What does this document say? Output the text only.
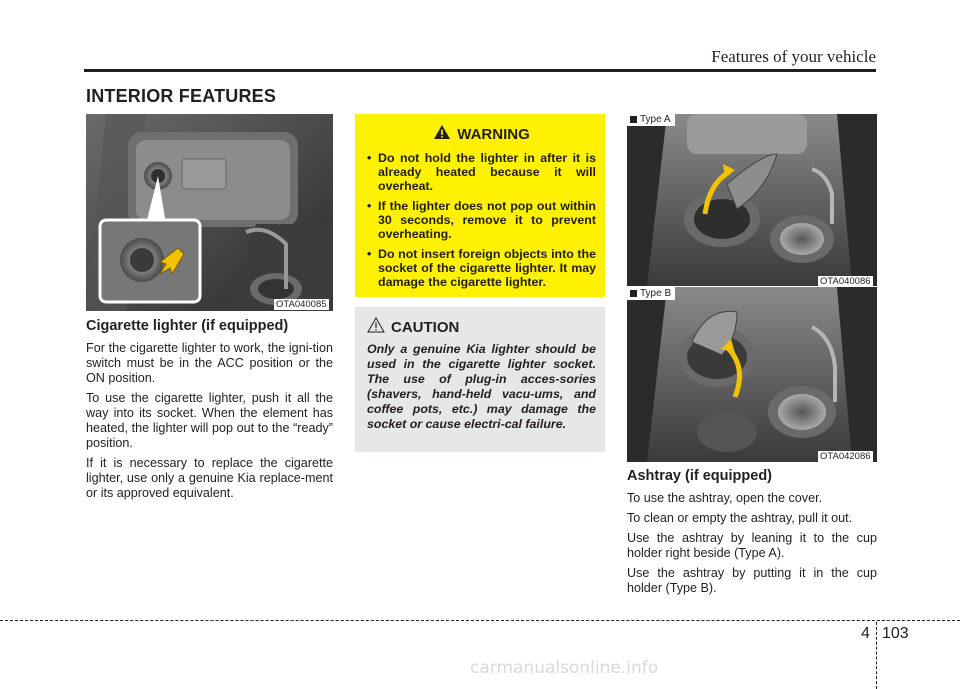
Features of your vehicle
INTERIOR FEATURES
OTA040085
Cigarette lighter (if equipped)

For the cigarette lighter to work, the igni-tion switch must be in the ACC position or the ON position.

To use the cigarette lighter, push it all the way into its socket. When the element has heated, the lighter will pop out to the “ready” position.

If it is necessary to replace the cigarette lighter, use only a genuine Kia replace-ment or its approved equivalent.

WARNING
• Do not hold the lighter in after it is already heated because it will overheat.
• If the lighter does not pop out within 30 seconds, remove it to prevent overheating.
• Do not insert foreign objects into the socket of the cigarette lighter. It may damage the cigarette lighter.
CAUTION

Only a genuine Kia lighter should be used in the cigarette lighter socket. The use of plug-in acces-sories (shavers, hand-held vacu-ums, and coffee pots, etc.) may damage the socket or cause electri-cal failure.

Type A
OTA040086
Type B
OTA042086
Ashtray (if equipped)

To use the ashtray, open the cover.

To clean or empty the ashtray, pull it out.

Use the ashtray by leaning it to the cup holder right beside (Type A).

Use the ashtray by putting it in the cup holder (Type B).

4 103
carmanualsonline.info
